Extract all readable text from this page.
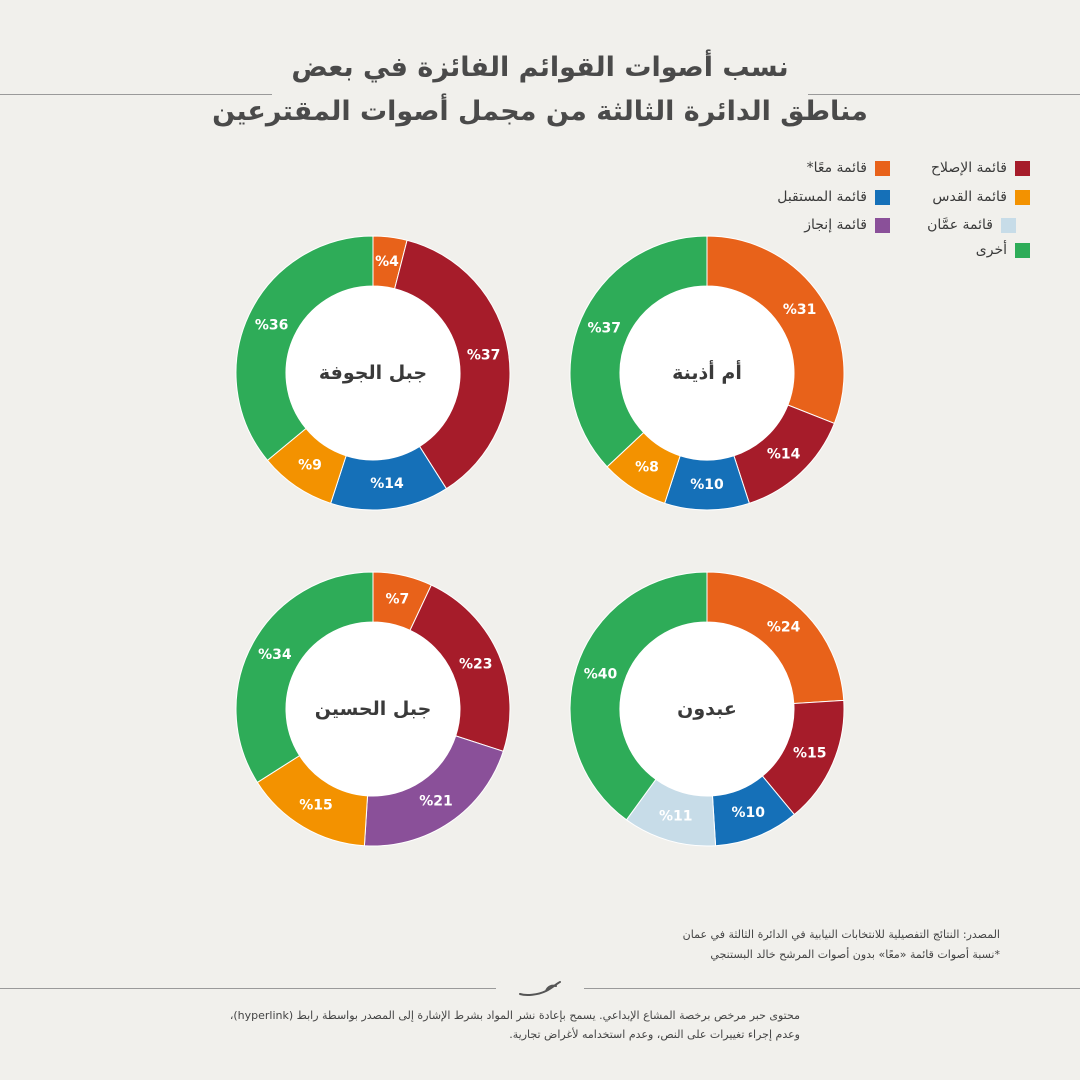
نسب أصوات القوائم الفائزة في بعض
مناطق الدائرة الثالثة من مجمل أصوات المقترعين
قائمة الإصلاح
قائمة معًا*
قائمة القدس
قائمة المستقبل
قائمة عمَّان
قائمة إنجاز
أخرى
%31
%14
%10
%8
%37
أم أذينة
%4
%37
%14
%9
%36
جبل الجوفة
%24
%15
%10
%11
%40
عبدون
%7
%23
%21
%15
%34
جبل الحسين
المصدر: النتائج التفصيلية للانتخابات النيابية في الدائرة الثالثة في عمان
*نسبة أصوات قائمة «معًا» بدون أصوات المرشح خالد البستنجي
محتوى حبر مرخص برخصة المشاع الإبداعي. يسمح بإعادة نشر المواد بشرط الإشارة إلى المصدر بواسطة رابط (hyperlink)،
وعدم إجراء تغييرات على النص، وعدم استخدامه لأغراض تجارية.
